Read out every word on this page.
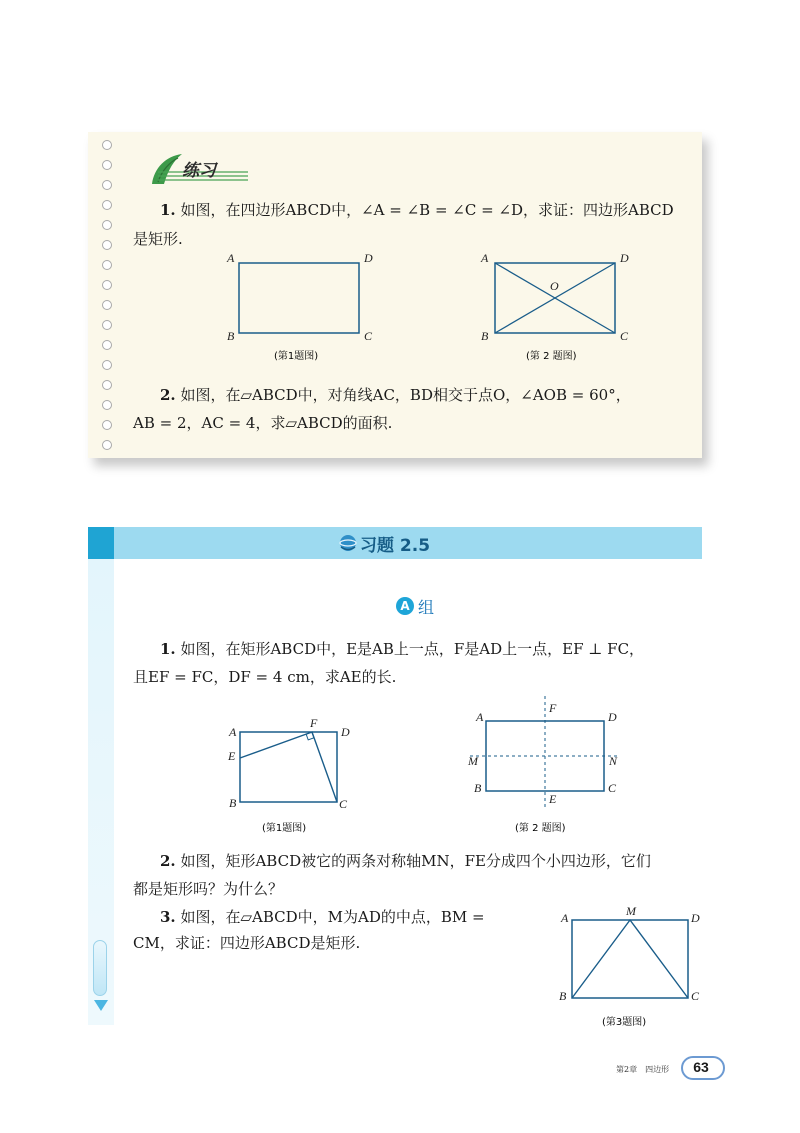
练习
1. 如图，在四边形ABCD中，∠A = ∠B = ∠C = ∠D，求证：四边形ABCD
是矩形.
A	D
B	C
(第1题图)
A	D
O
B	C
(第 2 题图)
2. 如图，在▱ABCD中，对角线AC，BD相交于点O，∠AOB = 60°，
AB = 2，AC = 4，求▱ABCD的面积.
习题 2.5
A 组
1. 如图，在矩形ABCD中，E是AB上一点，F是AD上一点，EF ⊥ FC，
且EF = FC，DF = 4 cm，求AE的长.
A
F
D
E
B	C
(第1题图)
A
F
D
M	N
B
E
C
(第 2 题图)
2. 如图，矩形ABCD被它的两条对称轴MN，FE分成四个小四边形，它们
都是矩形吗？为什么？
3. 如图，在▱ABCD中，M为AD的中点，BM =
CM，求证：四边形ABCD是矩形.
A	M	D
B	C
(第3题图)
第2章　四边形	63
